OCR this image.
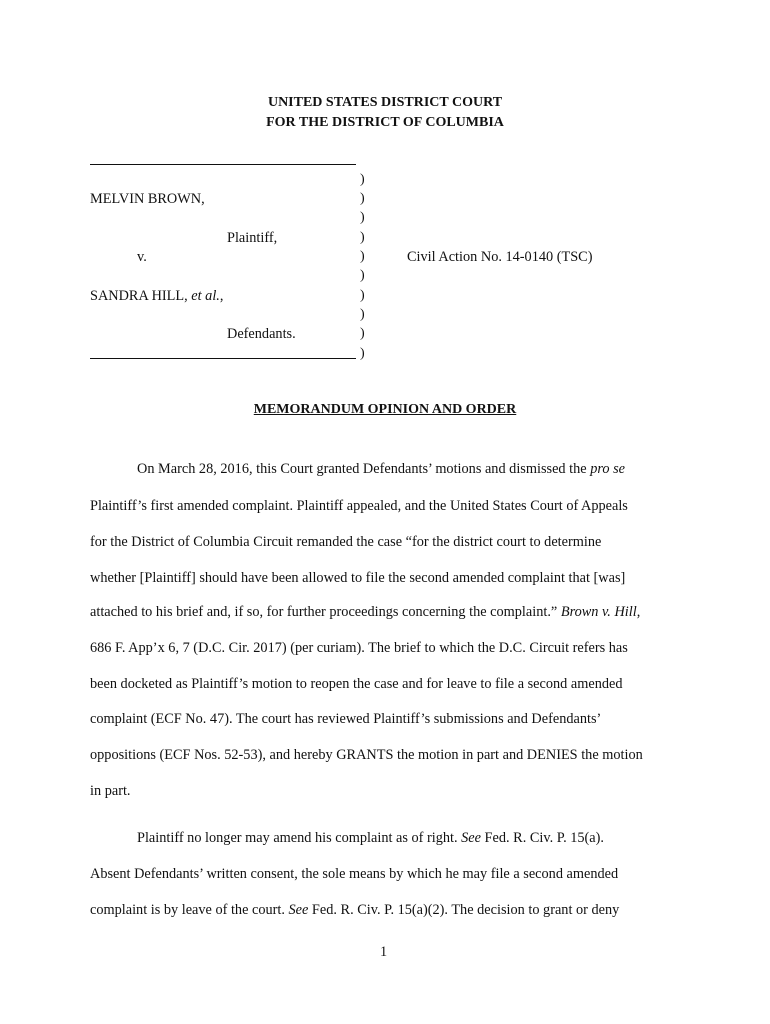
UNITED STATES DISTRICT COURT
FOR THE DISTRICT OF COLUMBIA
MELVIN BROWN,
Plaintiff,
v.
SANDRA HILL, et al.,
Defendants.
)
)
)
)
)
)
)
)
)
)
Civil Action No. 14-0140 (TSC)
MEMORANDUM OPINION AND ORDER
On March 28, 2016, this Court granted Defendants’ motions and dismissed the pro se
Plaintiff’s first amended complaint. Plaintiff appealed, and the United States Court of Appeals
for the District of Columbia Circuit remanded the case “for the district court to determine
whether [Plaintiff] should have been allowed to file the second amended complaint that [was]
attached to his brief and, if so, for further proceedings concerning the complaint.” Brown v. Hill,
686 F. App’x 6, 7 (D.C. Cir. 2017) (per curiam). The brief to which the D.C. Circuit refers has
been docketed as Plaintiff’s motion to reopen the case and for leave to file a second amended
complaint (ECF No. 47). The court has reviewed Plaintiff’s submissions and Defendants’
oppositions (ECF Nos. 52-53), and hereby GRANTS the motion in part and DENIES the motion
in part.
Plaintiff no longer may amend his complaint as of right. See Fed. R. Civ. P. 15(a).
Absent Defendants’ written consent, the sole means by which he may file a second amended
complaint is by leave of the court. See Fed. R. Civ. P. 15(a)(2). The decision to grant or deny
1
